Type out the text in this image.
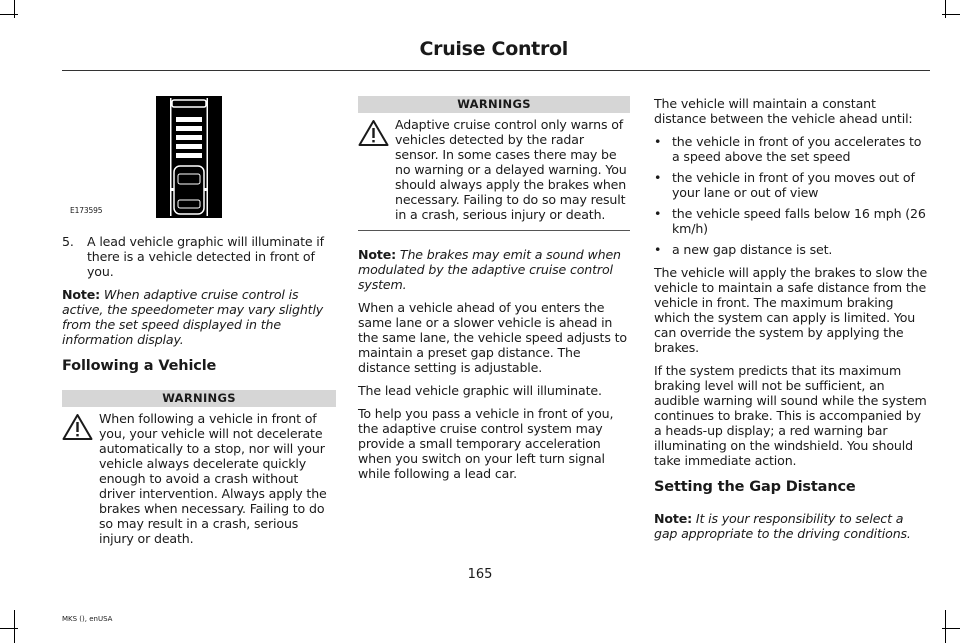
Cruise Control
E173595

5.	A lead vehicle graphic will illuminate if there is a vehicle detected in front of you.

Note: When adaptive cruise control is active, the speedometer may vary slightly from the set speed displayed in the information display.

Following a Vehicle

WARNINGS
When following a vehicle in front of you, your vehicle will not decelerate automatically to a stop, nor will your vehicle always decelerate quickly enough to avoid a crash without driver intervention. Always apply the brakes when necessary. Failing to do so may result in a crash, serious injury or death.
WARNINGS
Adaptive cruise control only warns of vehicles detected by the radar sensor. In some cases there may be no warning or a delayed warning. You should always apply the brakes when necessary. Failing to do so may result in a crash, serious injury or death.

Note: The brakes may emit a sound when modulated by the adaptive cruise control system.

When a vehicle ahead of you enters the same lane or a slower vehicle is ahead in the same lane, the vehicle speed adjusts to maintain a preset gap distance. The distance setting is adjustable.

The lead vehicle graphic will illuminate.

To help you pass a vehicle in front of you, the adaptive cruise control system may provide a small temporary acceleration when you switch on your left turn signal while following a lead car.

The vehicle will maintain a constant distance between the vehicle ahead until:

• the vehicle in front of you accelerates to a speed above the set speed
• the vehicle in front of you moves out of your lane or out of view
• the vehicle speed falls below 16 mph (26 km/h)
• a new gap distance is set.

The vehicle will apply the brakes to slow the vehicle to maintain a safe distance from the vehicle in front. The maximum braking which the system can apply is limited. You can override the system by applying the brakes.

If the system predicts that its maximum braking level will not be sufficient, an audible warning will sound while the system continues to brake. This is accompanied by a heads-up display; a red warning bar illuminating on the windshield. You should take immediate action.

Setting the Gap Distance

Note: It is your responsibility to select a gap appropriate to the driving conditions.

165
MKS (), enUSA
